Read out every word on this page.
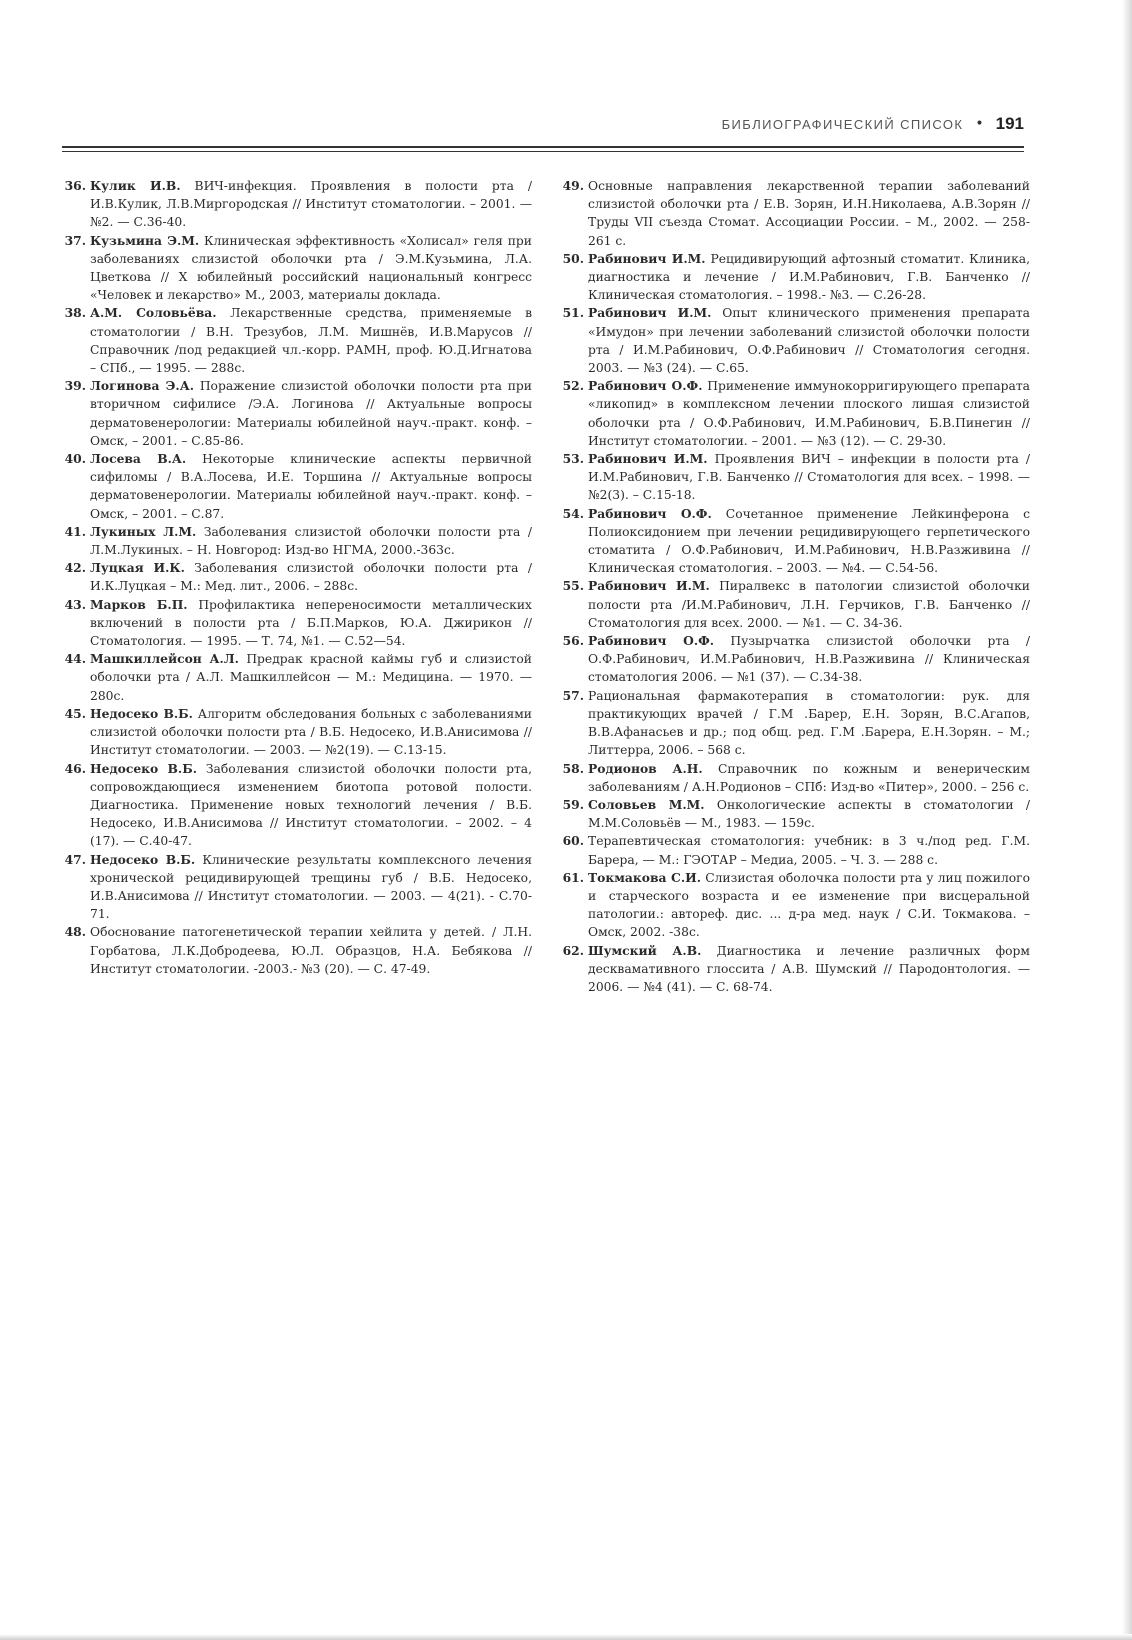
БИБЛИОГРАФИЧЕСКИЙ СПИСОК • 191
36. Кулик И.В. ВИЧ-инфекция. Проявления в полости рта / И.В.Кулик, Л.В.Миргородская // Институт стоматологии. – 2001. — №2. — С.36-40.
37. Кузьмина Э.М. Клиническая эффективность «Холисал» геля при заболеваниях слизистой оболочки рта / Э.М.Кузьмина, Л.А. Цветкова // X юбилейный российский национальный конгресс «Человек и лекарство» М., 2003, материалы доклада.
38. А.М. Соловьёва. Лекарственные средства, применяемые в стоматологии / В.Н. Трезубов, Л.М. Мишнёв, И.В.Марусов // Справочник /под редакцией чл.-корр. РАМН, проф. Ю.Д.Игнатова – СПб., — 1995. — 288с.
39. Логинова Э.А. Поражение слизистой оболочки полости рта при вторичном сифилисе /Э.А. Логинова // Актуальные вопросы дерматовенерологии: Материалы юбилейной науч.-практ. конф. – Омск, – 2001. – С.85-86.
40. Лосева В.А. Некоторые клинические аспекты первичной сифиломы / В.А.Лосева, И.Е. Торшина // Актуальные вопросы дерматовенерологии. Материалы юбилейной науч.-практ. конф. – Омск, – 2001. – С.87.
41. Лукиных Л.М. Заболевания слизистой оболочки полости рта / Л.М.Лукиных. – Н. Новгород: Изд-во НГМА, 2000.-363с.
42. Луцкая И.К. Заболевания слизистой оболочки полости рта / И.К.Луцкая – М.: Мед. лит., 2006. – 288с.
43. Марков Б.П. Профилактика непереносимости металлических включений в полости рта / Б.П.Марков, Ю.А. Джирикон // Стоматология. — 1995. — Т. 74, №1. — С.52—54.
44. Машкиллейсон А.Л. Предрак красной каймы губ и слизистой оболочки рта / А.Л. Машкиллейсон — М.: Медицина. — 1970. — 280с.
45. Недосеко В.Б. Алгоритм обследования больных с заболеваниями слизистой оболочки полости рта / В.Б. Недосеко, И.В.Анисимова // Институт стоматологии. — 2003. — №2(19). — С.13-15.
46. Недосеко В.Б. Заболевания слизистой оболочки полости рта, сопровождающиеся изменением биотопа ротовой полости. Диагностика. Применение новых технологий лечения / В.Б. Недосеко, И.В.Анисимова // Институт стоматологии. – 2002. – 4 (17). — С.40-47.
47. Недосеко В.Б. Клинические результаты комплексного лечения хронической рецидивирующей трещины губ / В.Б. Недосеко, И.В.Анисимова // Институт стоматологии. — 2003. — 4(21). - С.70-71.
48. Обоснование патогенетической терапии хейлита у детей. / Л.Н. Горбатова, Л.К.Добродеева, Ю.Л. Образцов, Н.А. Бебякова // Институт стоматологии. -2003.- №3 (20). — С. 47-49.
49. Основные направления лекарственной терапии заболеваний слизистой оболочки рта / Е.В. Зорян, И.Н.Николаева, А.В.Зорян // Труды VII съезда Стомат. Ассоциации России. – М., 2002. — 258-261 с.
50. Рабинович И.М. Рецидивирующий афтозный стоматит. Клиника, диагностика и лечение / И.М.Рабинович, Г.В. Банченко // Клиническая стоматология. – 1998.- №3. — С.26-28.
51. Рабинович И.М. Опыт клинического применения препарата «Имудон» при лечении заболеваний слизистой оболочки полости рта / И.М.Рабинович, О.Ф.Рабинович // Стоматология сегодня. 2003. — №3 (24). — С.65.
52. Рабинович О.Ф. Применение иммунокорригирующего препарата «ликопид» в комплексном лечении плоского лишая слизистой оболочки рта / О.Ф.Рабинович, И.М.Рабинович, Б.В.Пинегин // Институт стоматологии. – 2001. — №3 (12). — С. 29-30.
53. Рабинович И.М. Проявления ВИЧ – инфекции в полости рта / И.М.Рабинович, Г.В. Банченко // Стоматология для всех. – 1998. — №2(3). – С.15-18.
54. Рабинович О.Ф. Сочетанное применение Лейкинферона с Полиоксидонием при лечении рецидивирующего герпетического стоматита / О.Ф.Рабинович, И.М.Рабинович, Н.В.Разживина // Клиническая стоматология. – 2003. — №4. — С.54-56.
55. Рабинович И.М. Пиралвекс в патологии слизистой оболочки полости рта /И.М.Рабинович, Л.Н. Герчиков, Г.В. Банченко // Стоматология для всех. 2000. — №1. — С. 34-36.
56. Рабинович О.Ф. Пузырчатка слизистой оболочки рта / О.Ф.Рабинович, И.М.Рабинович, Н.В.Разживина // Клиническая стоматология 2006. — №1 (37). — С.34-38.
57. Рациональная фармакотерапия в стоматологии: рук. для практикующих врачей / Г.М .Барер, Е.Н. Зорян, В.С.Агапов, В.В.Афанасьев и др.; под общ. ред. Г.М .Барера, Е.Н.Зорян. – М.; Литтерра, 2006. – 568 с.
58. Родионов А.Н. Справочник по кожным и венерическим заболеваниям / А.Н.Родионов – СПб: Изд-во «Питер», 2000. – 256 с.
59. Соловьев М.М. Онкологические аспекты в стоматологии / М.М.Соловьёв — М., 1983. — 159с.
60. Терапевтическая стоматология: учебник: в 3 ч./под ред. Г.М. Барера, — М.: ГЭОТАР – Медиа, 2005. – Ч. 3. — 288 с.
61. Токмакова С.И. Слизистая оболочка полости рта у лиц пожилого и старческого возраста и ее изменение при висцеральной патологии.: автореф. дис. ... д-ра мед. наук / С.И. Токмакова. – Омск, 2002. -38с.
62. Шумский А.В. Диагностика и лечение различных форм десквамативного глоссита / А.В. Шумский // Пародонтология. — 2006. — №4 (41). — С. 68-74.
